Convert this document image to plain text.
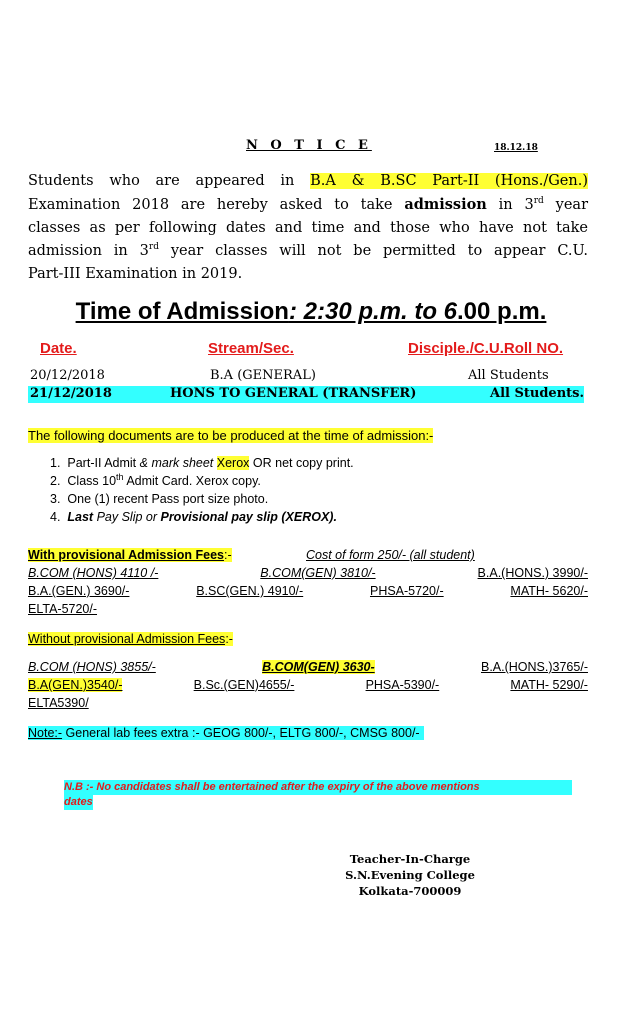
N O T I C E	18.12.18
Students who are appeared in B.A & B.SC Part-II (Hons./Gen.)
Examination 2018 are hereby asked to take admission in 3rd year
classes as per following dates and time and those who have not take
admission in 3rd year classes will not be permitted to appear C.U.
Part-III Examination in 2019.
Time of Admission: 2:30 p.m. to 6.00 p.m.
Date.	Stream/Sec.	Disciple./C.U.Roll NO.
20/12/2018	B.A (GENERAL)	All Students
21/12/2018	HONS TO GENERAL (TRANSFER)	All Students.
The following documents are to be produced at the time of admission:-
1. Part-II Admit & mark sheet Xerox OR net copy print.
2. Class 10th Admit Card. Xerox copy.
3. One (1) recent Pass port size photo.
4. Last Pay Slip or Provisional pay slip (XEROX).
With provisional Admission Fees:-	Cost of form 250/- (all student)
B.COM (HONS) 4110 /-	B.COM(GEN) 3810/-	B.A.(HONS.) 3990/-
B.A.(GEN.) 3690/-	B.SC(GEN.) 4910/-	PHSA-5720/-	MATH- 5620/-
ELTA-5720/-
Without provisional Admission Fees:-
B.COM (HONS) 3855/-	B.COM(GEN) 3630-	B.A.(HONS.)3765/-
B.A(GEN.)3540/-	B.Sc.(GEN)4655/-	PHSA-5390/-	MATH- 5290/-
ELTA5390/
Note:- General lab fees extra :- GEOG 800/-, ELTG 800/-, CMSG 800/-
N.B :- No candidates shall be entertained after the expiry of the above mentions
dates
Teacher-In-Charge
S.N.Evening College
Kolkata-700009
